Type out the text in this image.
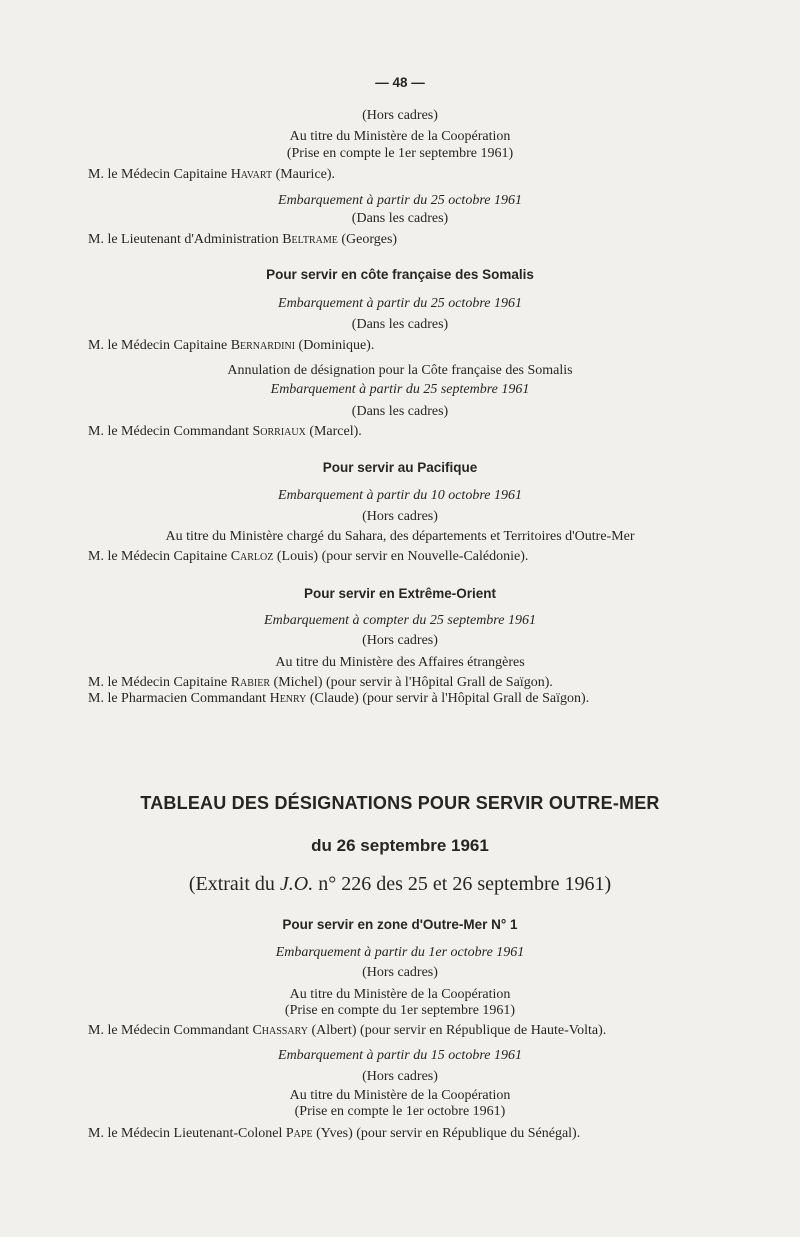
— 48 —
(Hors cadres)
Au titre du Ministère de la Coopération
(Prise en compte le 1er septembre 1961)
M. le Médecin Capitaine Havart (Maurice).
Embarquement à partir du 25 octobre 1961
(Dans les cadres)
M. le Lieutenant d'Administration Beltrame (Georges)
Pour servir en côte française des Somalis
Embarquement à partir du 25 octobre 1961
(Dans les cadres)
M. le Médecin Capitaine Bernardini (Dominique).
Annulation de désignation pour la Côte française des Somalis
Embarquement à partir du 25 septembre 1961
(Dans les cadres)
M. le Médecin Commandant Sorriaux (Marcel).
Pour servir au Pacifique
Embarquement à partir du 10 octobre 1961
(Hors cadres)
Au titre du Ministère chargé du Sahara, des départements et Territoires d'Outre-Mer
M. le Médecin Capitaine Carloz (Louis) (pour servir en Nouvelle-Calédonie).
Pour servir en Extrême-Orient
Embarquement à compter du 25 septembre 1961
(Hors cadres)
Au titre du Ministère des Affaires étrangères
M. le Médecin Capitaine Rabier (Michel) (pour servir à l'Hôpital Grall de Saïgon).
M. le Pharmacien Commandant Henry (Claude) (pour servir à l'Hôpital Grall de Saïgon).
TABLEAU DES DÉSIGNATIONS POUR SERVIR OUTRE-MER
du 26 septembre 1961
(Extrait du J.O. n° 226 des 25 et 26 septembre 1961)
Pour servir en zone d'Outre-Mer N° 1
Embarquement à partir du 1er octobre 1961
(Hors cadres)
Au titre du Ministère de la Coopération
(Prise en compte du 1er septembre 1961)
M. le Médecin Commandant Chassary (Albert) (pour servir en République de Haute-Volta).
Embarquement à partir du 15 octobre 1961
(Hors cadres)
Au titre du Ministère de la Coopération
(Prise en compte le 1er octobre 1961)
M. le Médecin Lieutenant-Colonel Pape (Yves) (pour servir en République du Sénégal).
